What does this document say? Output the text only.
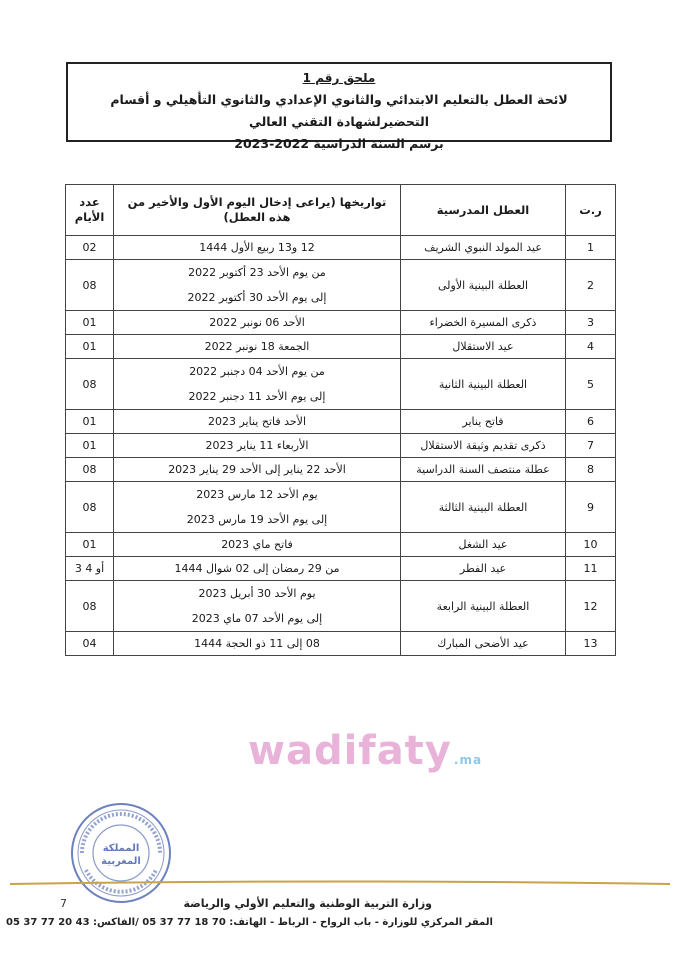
ملحق رقم 1
لائحة العطل بالتعليم الابتدائي والثانوي الإعدادي والثانوي التأهيلي و أقسام التحضيرلشهادة التقني العالي
برسم السنة الدراسية 2022-2023
ر.ت	العطل المدرسية	تواريخها (يراعى إدخال اليوم الأول والأخير من هذه العطل)	عدد الأيام
1	عيد المولد النبوي الشريف	12 و13 ربيع الأول 1444	02
2	العطلة البينية الأولى	من يوم الأحد 23 أكتوبر 2022
إلى يوم الأحد 30 أكتوبر 2022	08
3	ذكرى المسيرة الخضراء	الأحد 06 نونبر 2022	01
4	عيد الاستقلال	الجمعة 18 نونبر 2022	01
5	العطلة البينية الثانية	من يوم الأحد 04 دجنبر 2022
إلى يوم الأحد 11 دجنبر 2022	08
6	فاتح يناير	الأحد فاتح يناير 2023	01
7	ذكرى تقديم وثيقة الاستقلال	الأربعاء 11 يناير 2023	01
8	عطلة منتصف السنة الدراسية	الأحد 22 يناير إلى الأحد 29 يناير 2023	08
9	العطلة البينية الثالثة	يوم الأحد 12 مارس 2023
إلى يوم الأحد 19 مارس 2023	08
10	عيد الشغل	فاتح ماي 2023	01
11	عيد الفطر	من 29 رمضان إلى 02 شوال 1444	3 أو 4
12	العطلة البينية الرابعة	يوم الأحد 30 أبريل 2023
إلى يوم الأحد 07 ماي 2023	08
13	عيد الأضحى المبارك	08 إلى 11 ذو الحجة 1444	04
wadifaty .ma
المملكة
المغربية
7	وزارة التربية الوطنية والتعليم الأولي والرياضة
المقر المركزي للوزارة - باب الرواح - الرباط - الهاتف: 70 18 77 37 05 /الفاكس: 43 20 77 37 05
